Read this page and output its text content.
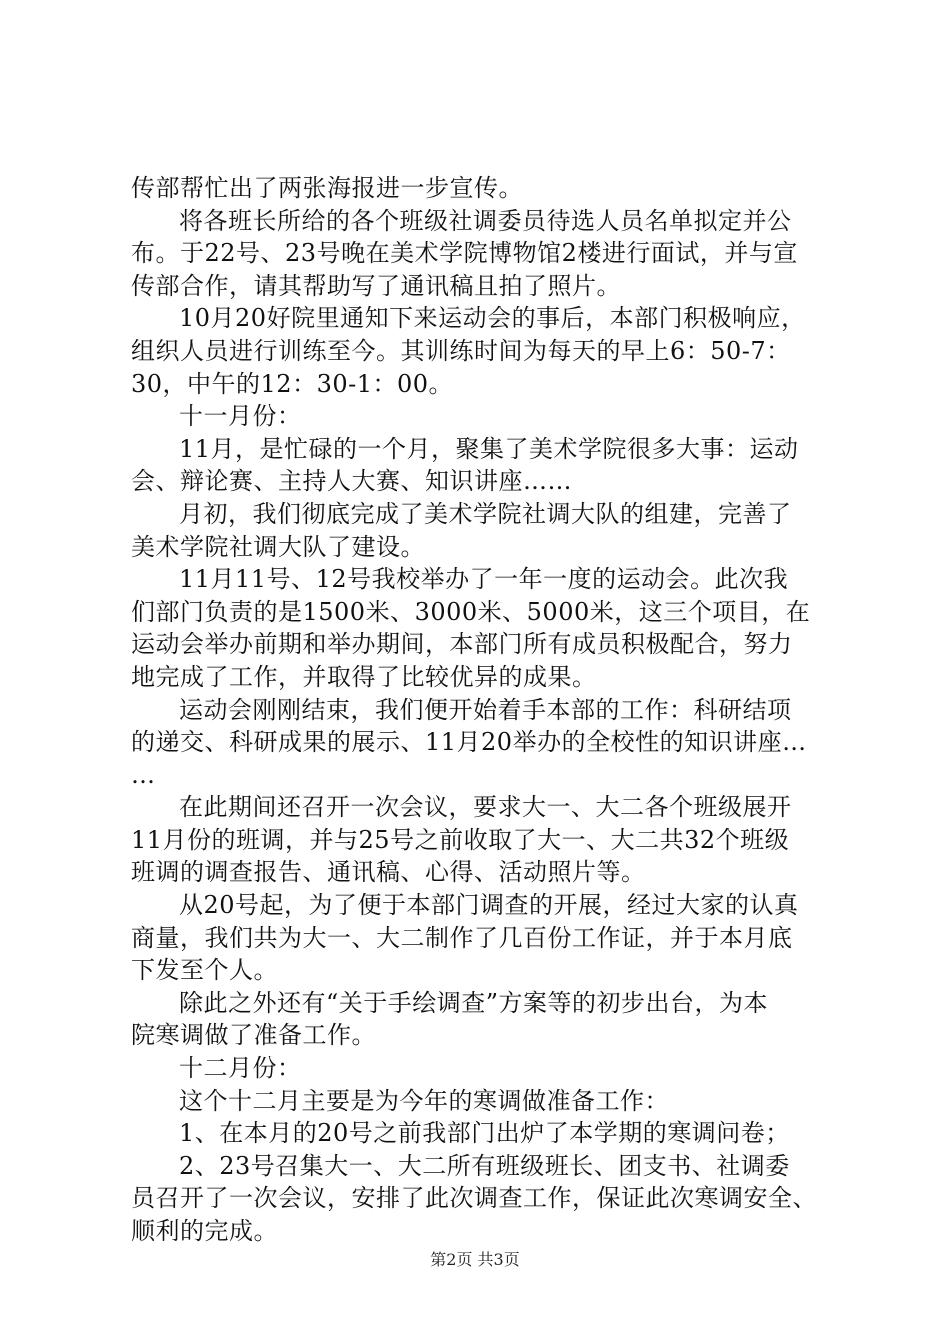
传部帮忙出了两张海报进一步宣传。
将各班长所给的各个班级社调委员待选人员名单拟定并公
布。于22号、23号晚在美术学院博物馆2楼进行面试，并与宣
传部合作，请其帮助写了通讯稿且拍了照片。
10月20好院里通知下来运动会的事后，本部门积极响应，
组织人员进行训练至今。其训练时间为每天的早上6：50-7：
30，中午的12：30-1：00。
十一月份：
11月，是忙碌的一个月，聚集了美术学院很多大事：运动
会、辩论赛、主持人大赛、知识讲座……
月初，我们彻底完成了美术学院社调大队的组建，完善了
美术学院社调大队了建设。
11月11号、12号我校举办了一年一度的运动会。此次我
们部门负责的是1500米、3000米、5000米，这三个项目，在
运动会举办前期和举办期间，本部门所有成员积极配合，努力
地完成了工作，并取得了比较优异的成果。
运动会刚刚结束，我们便开始着手本部的工作：科研结项
的递交、科研成果的展示、11月20举办的全校性的知识讲座…
…
在此期间还召开一次会议，要求大一、大二各个班级展开
11月份的班调，并与25号之前收取了大一、大二共32个班级
班调的调查报告、通讯稿、心得、活动照片等。
从20号起，为了便于本部门调查的开展，经过大家的认真
商量，我们共为大一、大二制作了几百份工作证，并于本月底
下发至个人。
除此之外还有“关于手绘调查”方案等的初步出台，为本
院寒调做了准备工作。
十二月份：
这个十二月主要是为今年的寒调做准备工作：
1、在本月的20号之前我部门出炉了本学期的寒调问卷；
2、23号召集大一、大二所有班级班长、团支书、社调委
员召开了一次会议，安排了此次调查工作，保证此次寒调安全、
顺利的完成。
第2页 共3页
